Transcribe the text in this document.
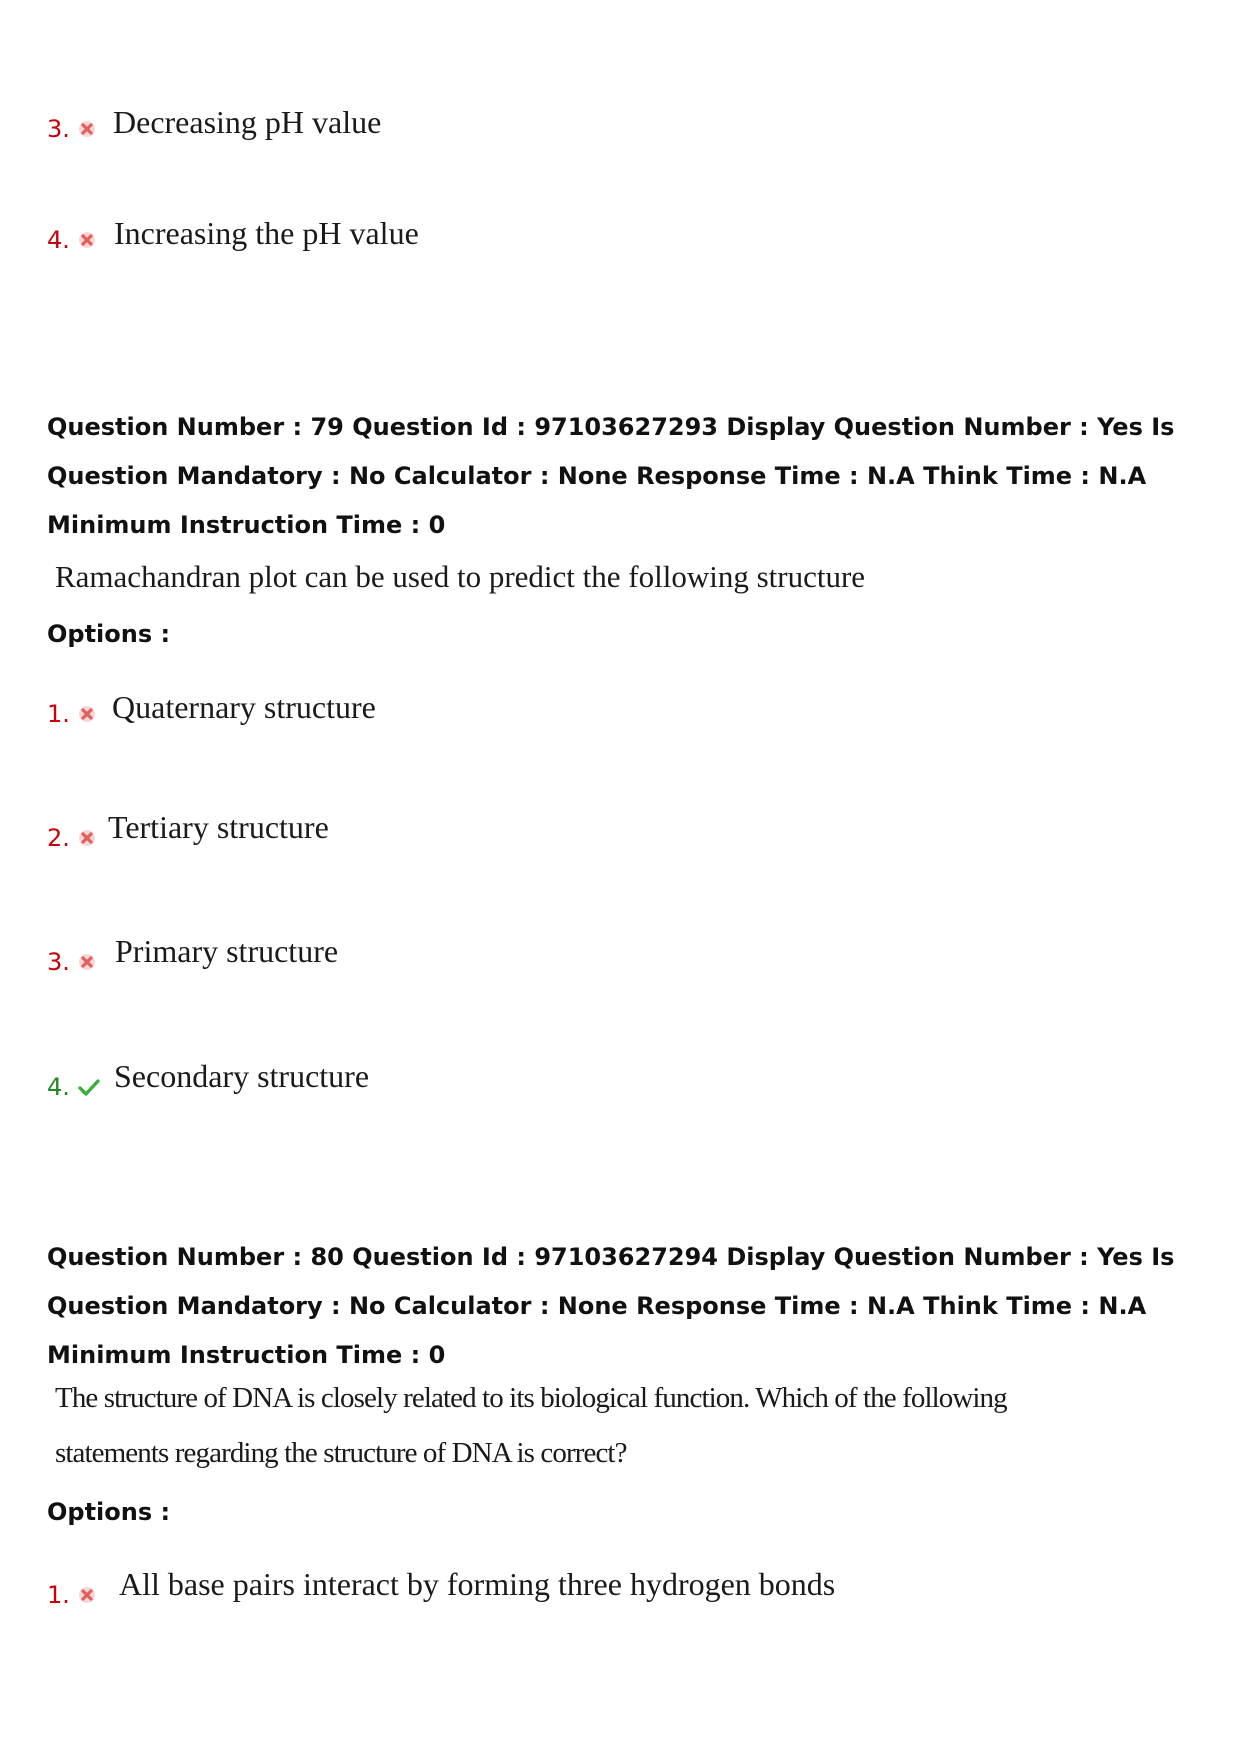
3. Decreasing pH value
4. Increasing the pH value
Question Number : 79 Question Id : 97103627293 Display Question Number : Yes Is Question Mandatory : No Calculator : None Response Time : N.A Think Time : N.A Minimum Instruction Time : 0
Ramachandran plot can be used to predict the following structure
Options :
1. Quaternary structure
2. Tertiary structure
3. Primary structure
4. Secondary structure
Question Number : 80 Question Id : 97103627294 Display Question Number : Yes Is Question Mandatory : No Calculator : None Response Time : N.A Think Time : N.A Minimum Instruction Time : 0
The structure of DNA is closely related to its biological function. Which of the following
statements regarding the structure of DNA is correct?
Options :
1. All base pairs interact by forming three hydrogen bonds
